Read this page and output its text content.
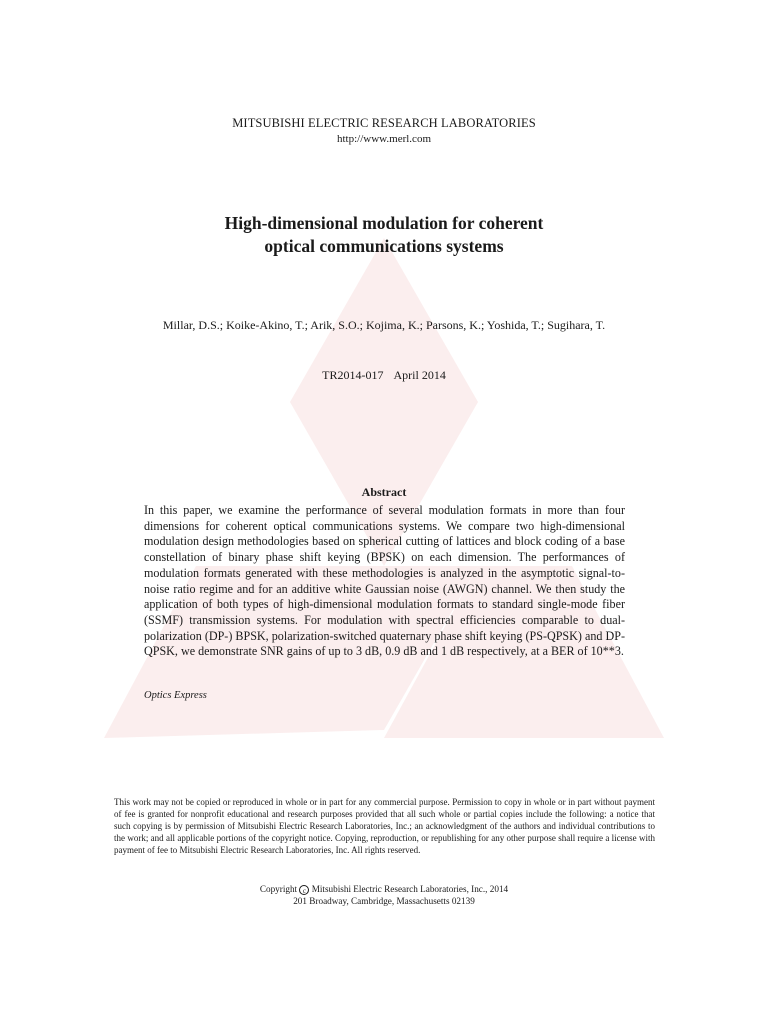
MITSUBISHI ELECTRIC RESEARCH LABORATORIES
http://www.merl.com
High-dimensional modulation for coherent
optical communications systems
Millar, D.S.; Koike-Akino, T.; Arik, S.O.; Kojima, K.; Parsons, K.; Yoshida, T.; Sugihara, T.
TR2014-017 April 2014
Abstract

In this paper, we examine the performance of several modulation formats in more than four dimensions for coherent optical communications systems. We compare two high-dimensional modulation design methodologies based on spherical cutting of lattices and block coding of a base constellation of binary phase shift keying (BPSK) on each dimension. The performances of modulation formats generated with these methodologies is analyzed in the asymptotic signal-to-noise ratio regime and for an additive white Gaussian noise (AWGN) channel. We then study the application of both types of high-dimensional modulation formats to standard single-mode fiber (SSMF) transmission systems. For modulation with spectral efficiencies comparable to dual-polarization (DP-) BPSK, polarization-switched quaternary phase shift keying (PS-QPSK) and DP-QPSK, we demonstrate SNR gains of up to 3 dB, 0.9 dB and 1 dB respectively, at a BER of 10**3.

Optics Express

This work may not be copied or reproduced in whole or in part for any commercial purpose. Permission to copy in whole or in part without payment of fee is granted for nonprofit educational and research purposes provided that all such whole or partial copies include the following: a notice that such copying is by permission of Mitsubishi Electric Research Laboratories, Inc.; an acknowledgment of the authors and individual contributions to the work; and all applicable portions of the copyright notice. Copying, reproduction, or republishing for any other purpose shall require a license with payment of fee to Mitsubishi Electric Research Laboratories, Inc. All rights reserved.

Copyright c Mitsubishi Electric Research Laboratories, Inc., 2014
201 Broadway, Cambridge, Massachusetts 02139
